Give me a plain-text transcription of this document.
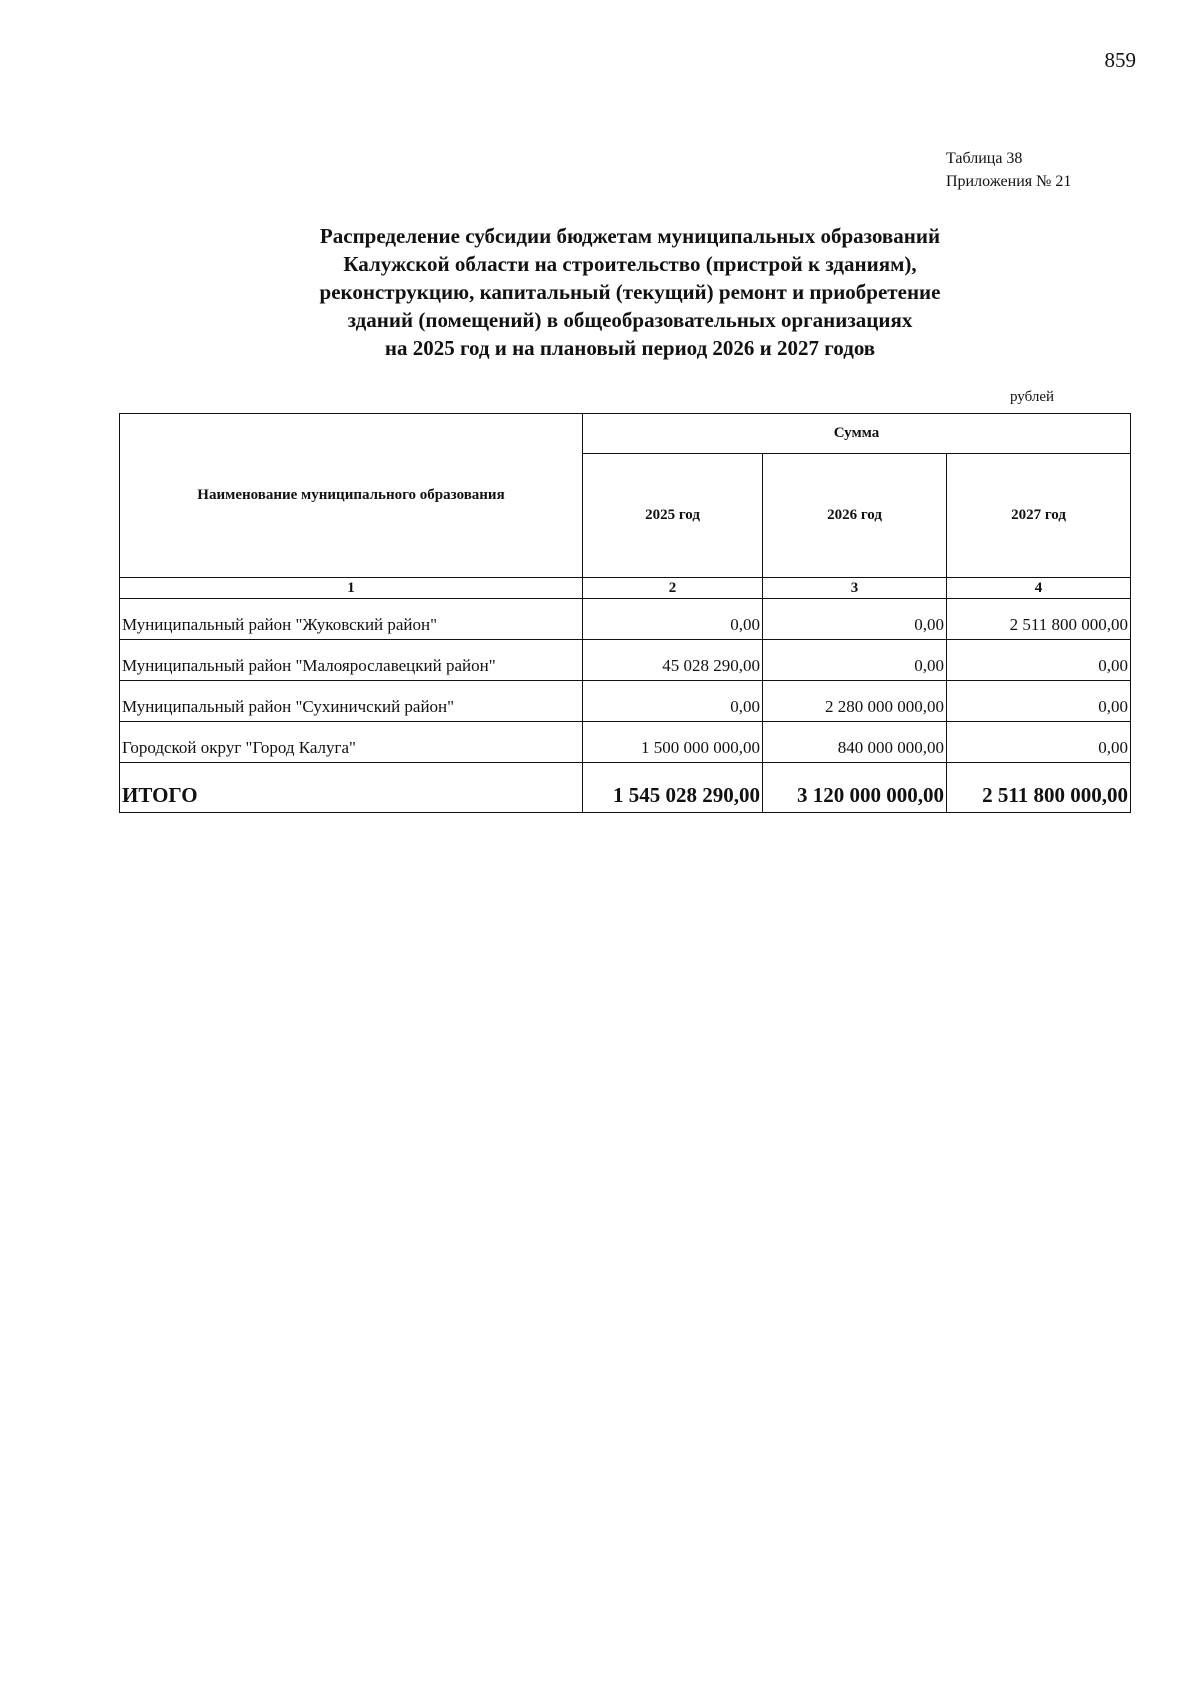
859
Таблица 38
Приложения № 21
Распределение субсидии бюджетам муниципальных образований
Калужской области на строительство (пристрой к зданиям),
реконструкцию, капитальный (текущий) ремонт и приобретение
зданий (помещений) в общеобразовательных организациях
на 2025 год и на плановый период 2026 и 2027 годов
рублей
Наименование муниципального образования	Сумма		
	2025 год	2026 год	2027 год
1	2	3	4
Муниципальный район "Жуковский район"	0,00	0,00	2 511 800 000,00
Муниципальный район "Малоярославецкий район"	45 028 290,00	0,00	0,00
Муниципальный район "Сухиничский район"	0,00	2 280 000 000,00	0,00
Городской округ "Город Калуга"	1 500 000 000,00	840 000 000,00	0,00
ИТОГО	1 545 028 290,00	3 120 000 000,00	2 511 800 000,00
